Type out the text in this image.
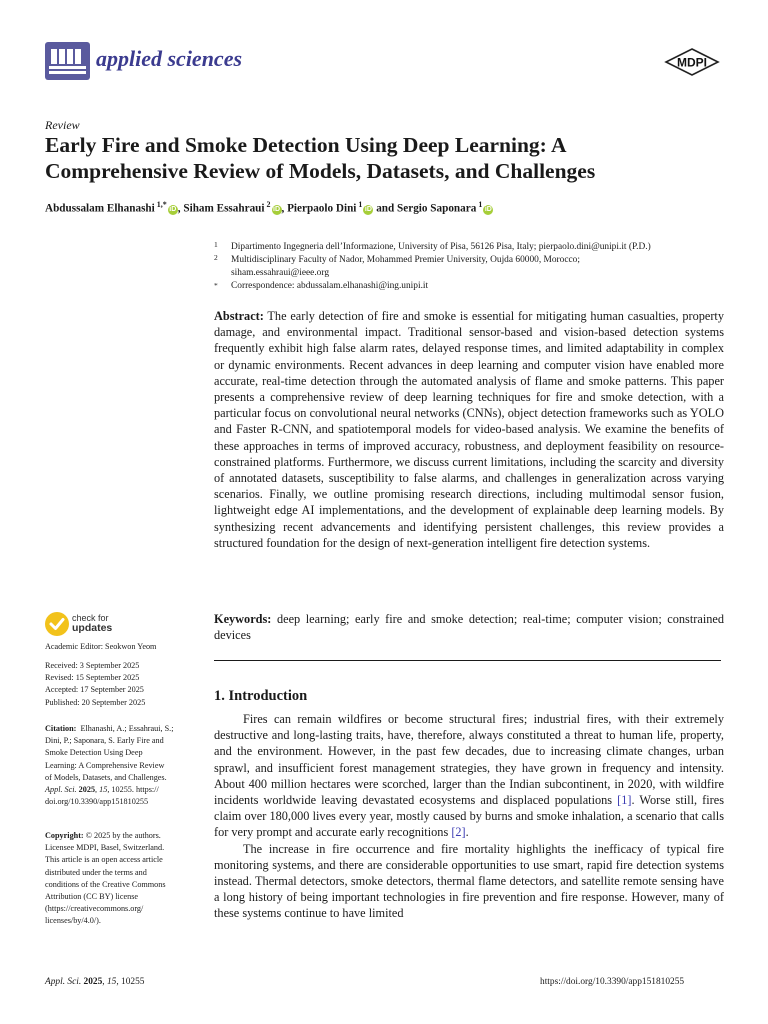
applied sciences	MDPI
Review
Early Fire and Smoke Detection Using Deep Learning: A
Comprehensive Review of Models, Datasets, and Challenges
Abdussalam Elhanashi $^{1,*}$iD , Siham Essahraui $^2$iD , Pierpaolo Dini $^1$iD and Sergio Saponara $^1$iD
1 Dipartimento Ingegneria dell’Informazione, University of Pisa, 56126 Pisa, Italy; pierpaolo.dini@unipi.it (P.D.)
2 Multidisciplinary Faculty of Nador, Mohammed Premier University, Oujda 60000, Morocco;
siham.essahraui@ieee.org
* Correspondence: abdussalam.elhanashi@ing.unipi.it
Abstract: The early detection of fire and smoke is essential for mitigating human casualties, property damage, and environmental impact. Traditional sensor-based and vision-based detection systems frequently exhibit high false alarm rates, delayed response times, and limited adaptability in complex or dynamic environments. Recent advances in deep learning and computer vision have enabled more accurate, real-time detection through the automated analysis of flame and smoke patterns. This paper presents a comprehensive review of deep learning techniques for fire and smoke detection, with a particular focus on convolutional neural networks (CNNs), object detection frameworks such as YOLO and Faster R-CNN, and spatiotemporal models for video-based analysis. We examine the benefits of these approaches in terms of improved accuracy, robustness, and deployment feasibility on resource-constrained platforms. Furthermore, we discuss current limitations, including the scarcity and diversity of annotated datasets, susceptibility to false alarms, and challenges in generalization across varying scenarios. Finally, we outline promising research directions, including multimodal sensor fusion, lightweight edge AI implementations, and the development of explainable deep learning models. By synthesizing recent advancements and identifying persistent challenges, this review provides a structured foundation for the design of next-generation intelligent fire detection systems.
Keywords: deep learning; early fire and smoke detection; real-time; computer vision; constrained devices
1. Introduction

Fires can remain wildfires or become structural fires; industrial fires, with their extremely destructive and long-lasting traits, have, therefore, always constituted a threat to human life, property, and the environment. However, in the past few decades, due to increasing climate changes, urban sprawl, and insufficient forest management strategies, they have grown in frequency and intensity. About 400 million hectares were scorched, larger than the Indian subcontinent, in 2020, with wildfire incidents worldwide leaving devastated ecosystems and displaced populations [1]. Worse still, fires claim over 180,000 lives every year, mostly caused by burns and smoke inhalation, a scenario that calls for very prompt and accurate early recognitions [2].

The increase in fire occurrence and fire mortality highlights the inefficacy of typical fire monitoring systems, and there are considerable opportunities to use smart, rapid fire detection systems instead. Thermal detectors, smoke detectors, thermal flame detectors, and satellite remote sensing have a long history of being important technologies in fire prevention and fire response. However, many of these systems continue to have limited

check for
updates
Academic Editor: Seokwon Yeom
Received: 3 September 2025
Revised: 15 September 2025
Accepted: 17 September 2025
Published: 20 September 2025
Citation: Elhanashi, A.; Essahraui, S.;
Dini, P.; Saponara, S. Early Fire and
Smoke Detection Using Deep
Learning: A Comprehensive Review
of Models, Datasets, and Challenges.
Appl. Sci. 2025, 15, 10255. https://
doi.org/10.3390/app151810255
Copyright: © 2025 by the authors.
Licensee MDPI, Basel, Switzerland.
This article is an open access article
distributed under the terms and
conditions of the Creative Commons
Attribution (CC BY) license
(https://creativecommons.org/
licenses/by/4.0/).
Appl. Sci. 2025, 15, 10255	https://doi.org/10.3390/app151810255
